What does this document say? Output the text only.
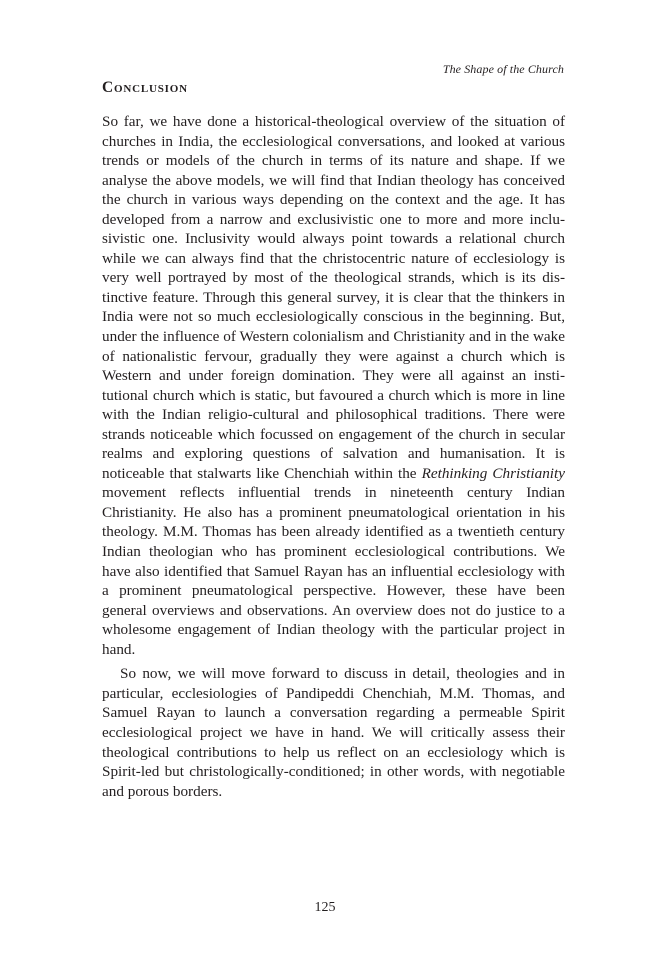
The Shape of the Church
Conclusion

So far, we have done a historical-theological overview of the situation of churches in India, the ecclesiological conversations, and looked at various trends or models of the church in terms of its nature and shape. If we analyse the above models, we will find that Indian theology has conceived the church in various ways depending on the context and the age. It has developed from a narrow and exclusivistic one to more and more inclusivistic one. Inclusivity would always point towards a relational church while we can always find that the christocentric nature of ecclesiology is very well portrayed by most of the theological strands, which is its distinctive feature. Through this general survey, it is clear that the thinkers in India were not so much ecclesiologically conscious in the beginning. But, under the influence of Western colonialism and Christianity and in the wake of nationalistic fervour, gradually they were against a church which is Western and under foreign domination. They were all against an institutional church which is static, but favoured a church which is more in line with the Indian religio-cultural and philosophical traditions. There were strands noticeable which focussed on engagement of the church in secular realms and exploring questions of salvation and humanisation. It is noticeable that stalwarts like Chenchiah within the Rethinking Christianity movement reflects influential trends in nineteenth century Indian Christianity. He also has a prominent pneumatological orientation in his theology. M.M. Thomas has been already identified as a twentieth century Indian theologian who has prominent ecclesiological contributions. We have also identified that Samuel Rayan has an influential ecclesiology with a prominent pneumatological perspective. However, these have been general overviews and observations. An overview does not do justice to a wholesome engagement of Indian theology with the particular project in hand.

So now, we will move forward to discuss in detail, theologies and in particular, ecclesiologies of Pandipeddi Chenchiah, M.M. Thomas, and Samuel Rayan to launch a conversation regarding a permeable Spirit ecclesiological project we have in hand. We will critically assess their theological contributions to help us reflect on an ecclesiology which is Spirit-led but christologically-conditioned; in other words, with negotiable and porous borders.

125
